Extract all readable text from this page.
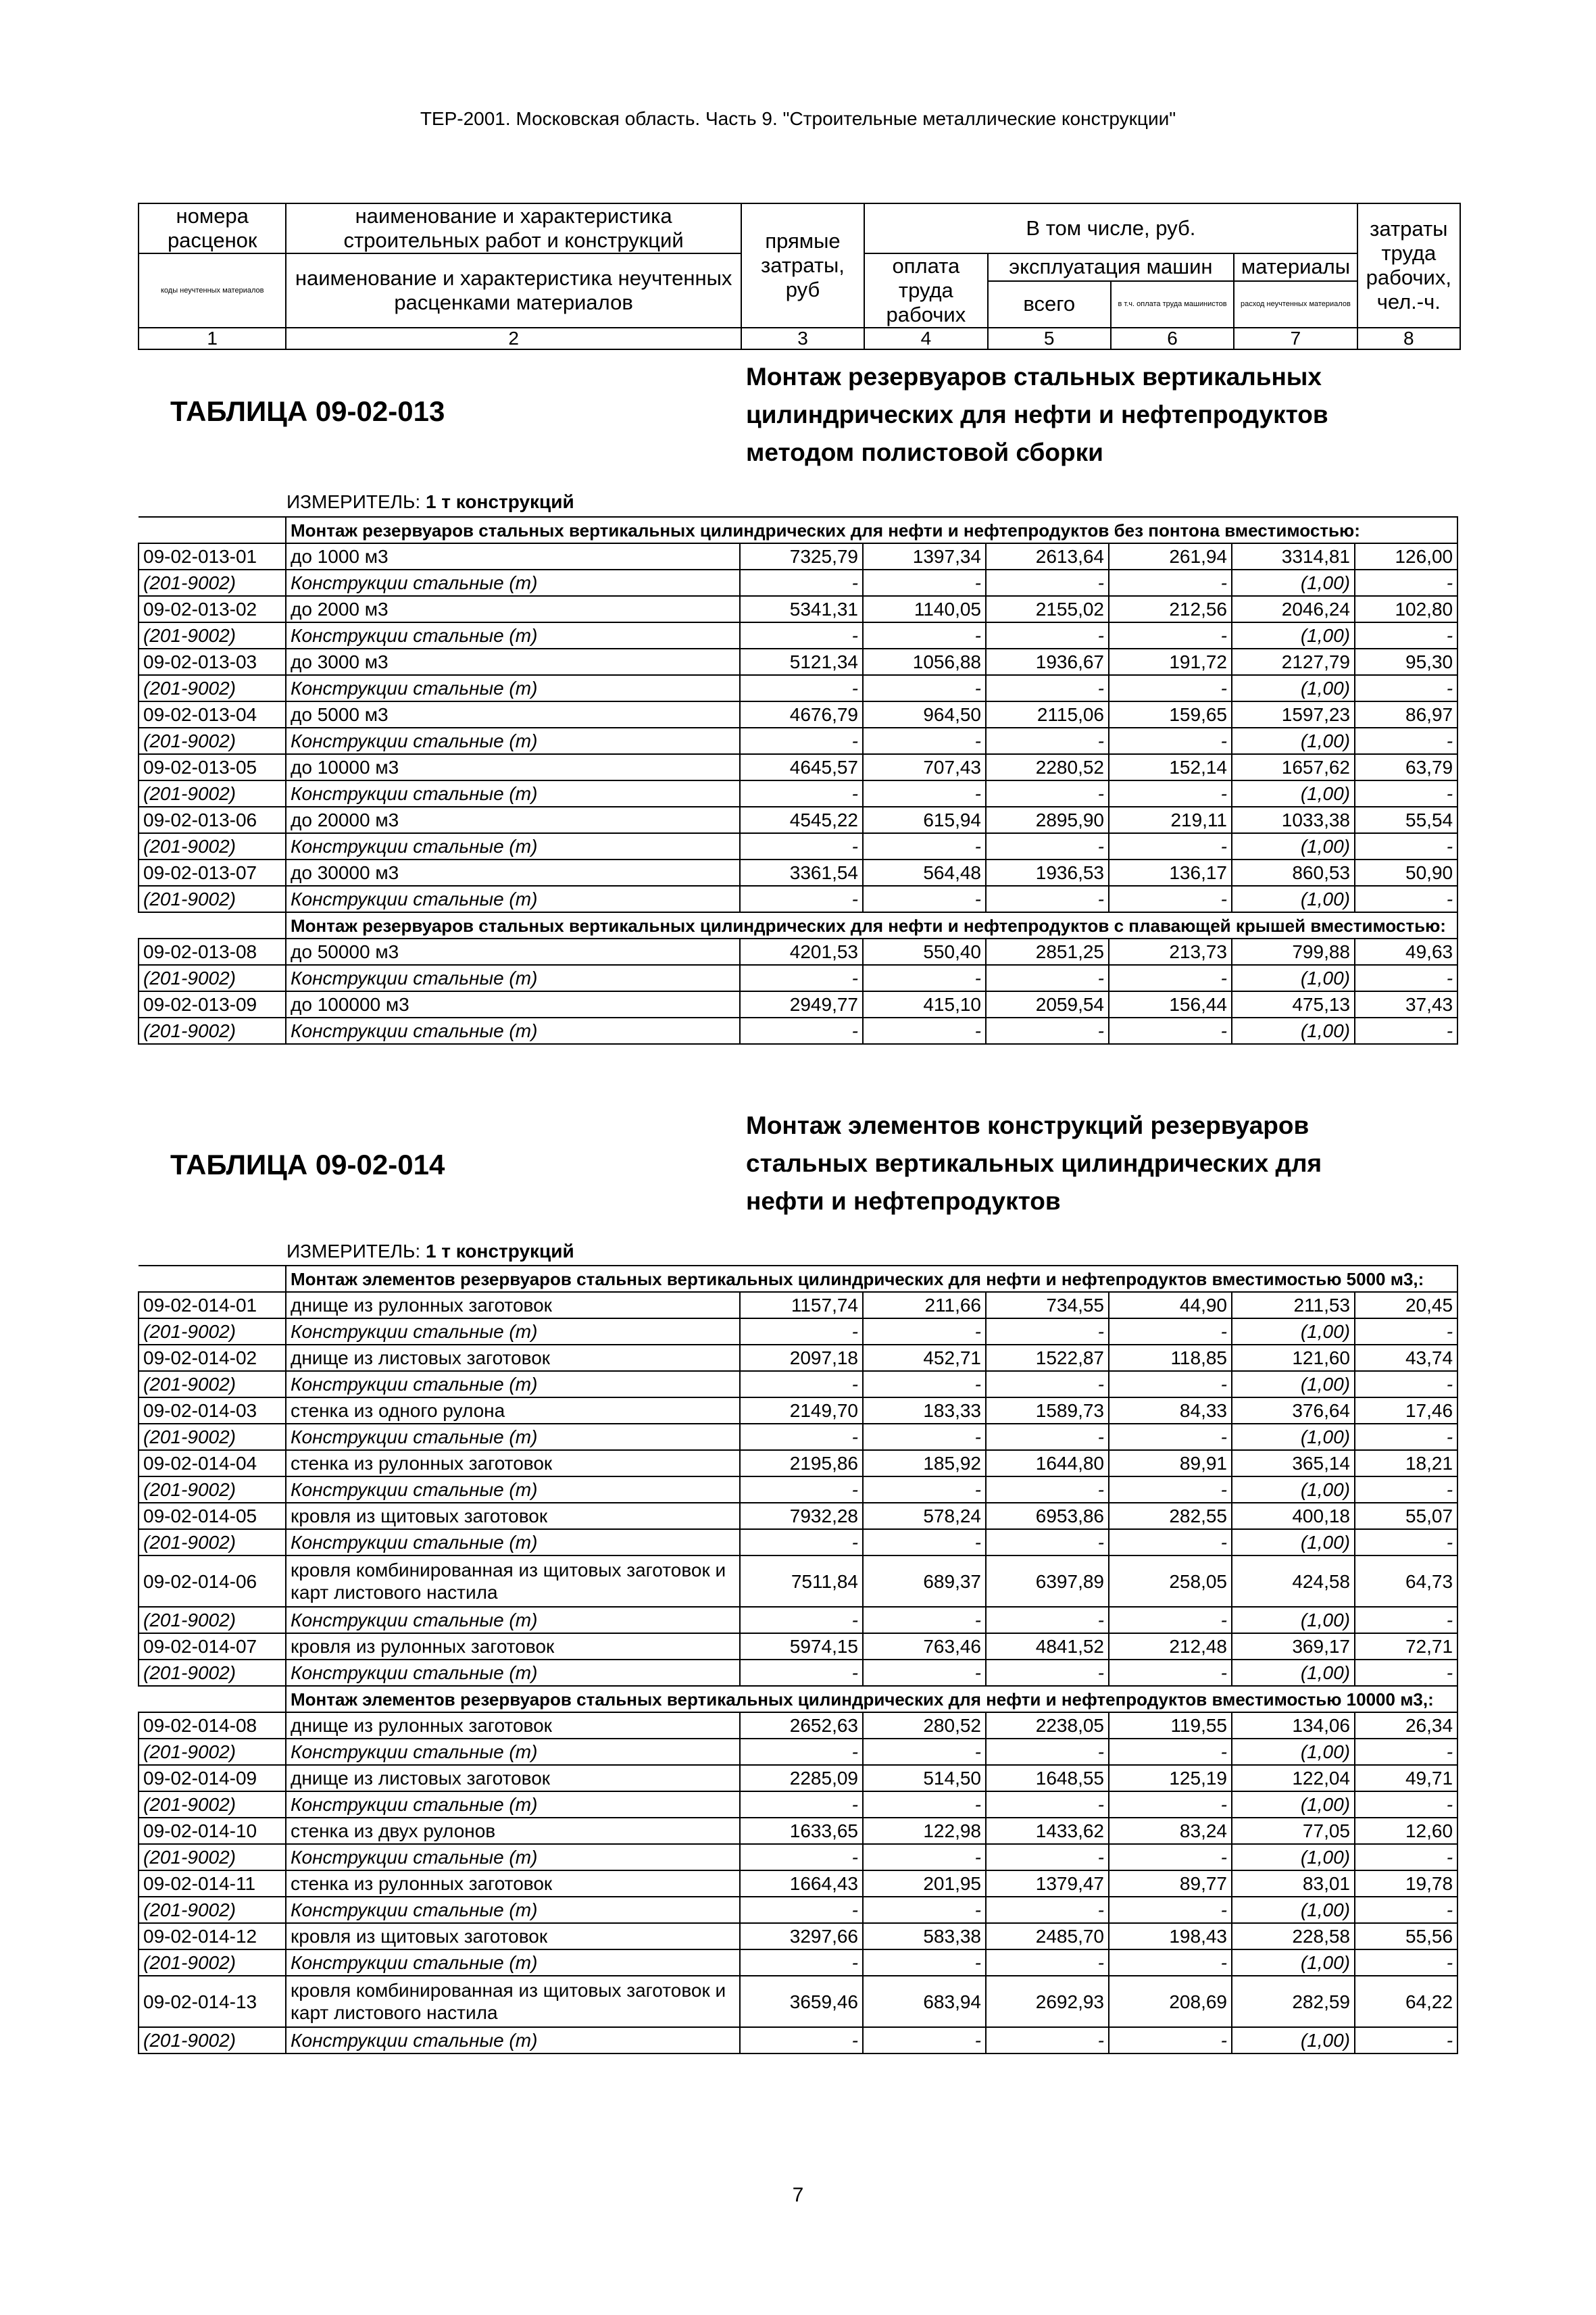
ТЕР-2001. Московская область. Часть 9. "Строительные металлические конструкции"
номера расценок	наименование и характеристика строительных работ и конструкций	прямые затраты, руб	В том числе, руб.				затраты труда рабочих, чел.-ч.
коды неучтенных материалов	наименование и характеристика неучтенных расценками материалов		оплата труда рабочих	эксплуатация машин		материалы	
				всего	в т.ч. оплата труда машинистов	расход неучтенных материалов	
1	2	3	4	5	6	7	8
ТАБЛИЦА 09-02-013
Монтаж резервуаров стальных вертикальных
цилиндрических для нефти и нефтепродуктов
методом полистовой сборки
ИЗМЕРИТЕЛЬ: 1 т конструкций
	Монтаж резервуаров стальных вертикальных цилиндрических для нефти и нефтепродуктов без понтона вместимостью:						
09-02-013-01	до 1000 м3	7325,79	1397,34	2613,64	261,94	3314,81	126,00
(201-9002)	Конструкции стальные (т)	-	-	-	-	(1,00)	-
09-02-013-02	до 2000 м3	5341,31	1140,05	2155,02	212,56	2046,24	102,80
(201-9002)	Конструкции стальные (т)	-	-	-	-	(1,00)	-
09-02-013-03	до 3000 м3	5121,34	1056,88	1936,67	191,72	2127,79	95,30
(201-9002)	Конструкции стальные (т)	-	-	-	-	(1,00)	-
09-02-013-04	до 5000 м3	4676,79	964,50	2115,06	159,65	1597,23	86,97
(201-9002)	Конструкции стальные (т)	-	-	-	-	(1,00)	-
09-02-013-05	до 10000 м3	4645,57	707,43	2280,52	152,14	1657,62	63,79
(201-9002)	Конструкции стальные (т)	-	-	-	-	(1,00)	-
09-02-013-06	до 20000 м3	4545,22	615,94	2895,90	219,11	1033,38	55,54
(201-9002)	Конструкции стальные (т)	-	-	-	-	(1,00)	-
09-02-013-07	до 30000 м3	3361,54	564,48	1936,53	136,17	860,53	50,90
(201-9002)	Конструкции стальные (т)	-	-	-	-	(1,00)	-
	Монтаж резервуаров стальных вертикальных цилиндрических для нефти и нефтепродуктов с плавающей крышей вместимостью:						
09-02-013-08	до 50000 м3	4201,53	550,40	2851,25	213,73	799,88	49,63
(201-9002)	Конструкции стальные (т)	-	-	-	-	(1,00)	-
09-02-013-09	до 100000 м3	2949,77	415,10	2059,54	156,44	475,13	37,43
(201-9002)	Конструкции стальные (т)	-	-	-	-	(1,00)	-
ТАБЛИЦА 09-02-014
Монтаж элементов конструкций резервуаров
стальных вертикальных цилиндрических для
нефти и нефтепродуктов
ИЗМЕРИТЕЛЬ: 1 т конструкций
	Монтаж элементов резервуаров стальных вертикальных цилиндрических для нефти и нефтепродуктов вместимостью 5000 м3,:						
09-02-014-01	днище из рулонных заготовок	1157,74	211,66	734,55	44,90	211,53	20,45
(201-9002)	Конструкции стальные (т)	-	-	-	-	(1,00)	-
09-02-014-02	днище из листовых заготовок	2097,18	452,71	1522,87	118,85	121,60	43,74
(201-9002)	Конструкции стальные (т)	-	-	-	-	(1,00)	-
09-02-014-03	стенка из одного рулона	2149,70	183,33	1589,73	84,33	376,64	17,46
(201-9002)	Конструкции стальные (т)	-	-	-	-	(1,00)	-
09-02-014-04	стенка из рулонных заготовок	2195,86	185,92	1644,80	89,91	365,14	18,21
(201-9002)	Конструкции стальные (т)	-	-	-	-	(1,00)	-
09-02-014-05	кровля из щитовых заготовок	7932,28	578,24	6953,86	282,55	400,18	55,07
(201-9002)	Конструкции стальные (т)	-	-	-	-	(1,00)	-
09-02-014-06	кровля комбинированная из щитовых заготовок и карт листового настила	7511,84	689,37	6397,89	258,05	424,58	64,73
(201-9002)	Конструкции стальные (т)	-	-	-	-	(1,00)	-
09-02-014-07	кровля из рулонных заготовок	5974,15	763,46	4841,52	212,48	369,17	72,71
(201-9002)	Конструкции стальные (т)	-	-	-	-	(1,00)	-
	Монтаж элементов резервуаров стальных вертикальных цилиндрических для нефти и нефтепродуктов вместимостью 10000 м3,:						
09-02-014-08	днище из рулонных заготовок	2652,63	280,52	2238,05	119,55	134,06	26,34
(201-9002)	Конструкции стальные (т)	-	-	-	-	(1,00)	-
09-02-014-09	днище из листовых заготовок	2285,09	514,50	1648,55	125,19	122,04	49,71
(201-9002)	Конструкции стальные (т)	-	-	-	-	(1,00)	-
09-02-014-10	стенка из двух рулонов	1633,65	122,98	1433,62	83,24	77,05	12,60
(201-9002)	Конструкции стальные (т)	-	-	-	-	(1,00)	-
09-02-014-11	стенка из рулонных заготовок	1664,43	201,95	1379,47	89,77	83,01	19,78
(201-9002)	Конструкции стальные (т)	-	-	-	-	(1,00)	-
09-02-014-12	кровля из щитовых заготовок	3297,66	583,38	2485,70	198,43	228,58	55,56
(201-9002)	Конструкции стальные (т)	-	-	-	-	(1,00)	-
09-02-014-13	кровля комбинированная из щитовых заготовок и карт листового настила	3659,46	683,94	2692,93	208,69	282,59	64,22
(201-9002)	Конструкции стальные (т)	-	-	-	-	(1,00)	-
7
